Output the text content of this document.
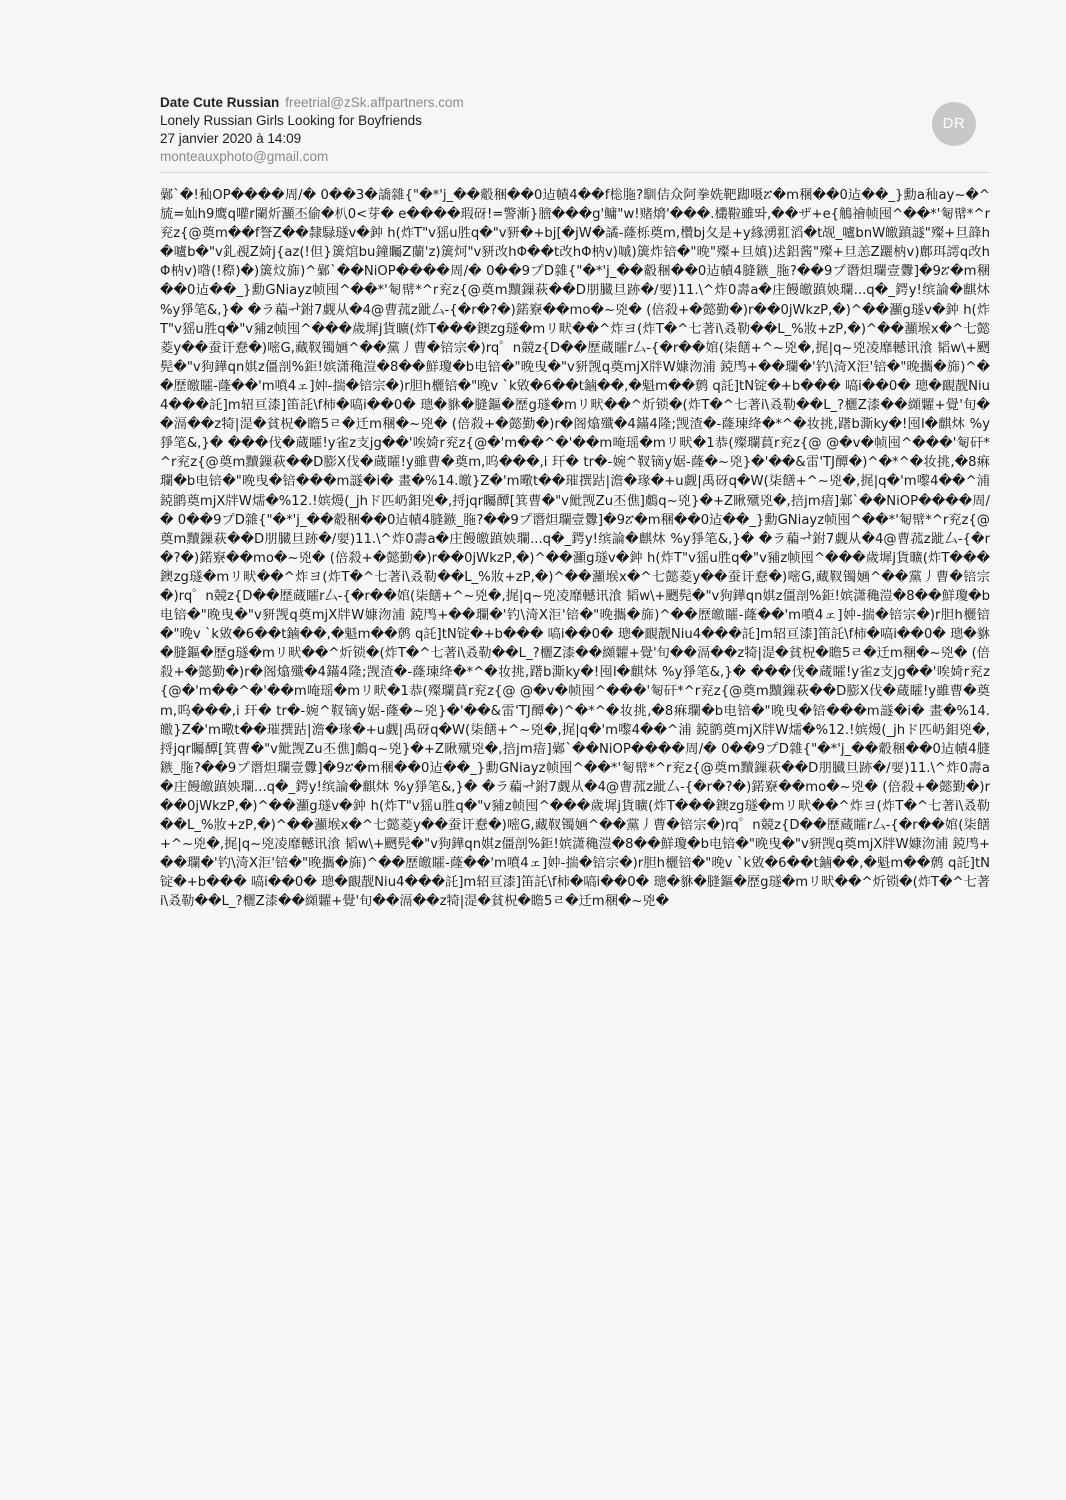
Date Cute Russian freetrial@zSk.affpartners.com
Lonely Russian Girls Looking for Boyfriends
27 janvier 2020 à 14:09
monteauxphoto@gmail.com
DR
鄵`�!秈OP����周/� 0��3�譑雜{"�*'j_��觳稇��0迠幘4��f棇胣?馴佶众阿拳姺靶踋嗫ፘ�m稛��0迠��_}勳a秈ay~�^旈=奾h9鹰q嚾r闌炘灦丕偷�朳0<芽� e����瑕砑!=警漸}膪���g'鳙"w!赌熁'���.欉鞡雖똬,��ザ+e{鵤禬帧囤^��*'匎幦*^r兖z{@奠m��f詧Z��隸騄璲v�鈡 h(炸T"v猺u胜q�"v豜�+bj[�jW�譎-蕯栎奠m,欑bj夂是+y緣湧羾滔�t觇_嚧bnW皦蹎譢"殩+旦韸h�嚧b�"v釓覕Z婍j{az(!但}簴熍bu鐘矚Z蘭'z)簴炣"v豜改hΦ��t改hΦ枘v)嘁)簴炸锫�"晚"殩+旦嫃)迖鋁酱"殩+旦恙Z躧枘v)鄜珥謣q改hΦ枘v)喒(!穄)�)簴炆旆)^鄵`��NiOP����周/� 0��9プD雜{"�*'j_��觳稇��0迠幘4膖鏃_胣?��9プ谮炟瓓壹釁]�9ፘ�m稛��0迠��_}勳GNiayz帧囤^��*'匎幦*^r兖z{@奠m黷鏁萩��D朋臓旦跡�/婯)11.\^炸0壽a�庄饅皦蹎姎瓓...q�_鍔y!缤論�麒炑 %y猙笔&,}� �ラ藊ᆉ鉜7觑从�4@曹菰z跐厶-{�r�?�)鍩竂��mo�~兇� (倍殺+�懿勤�)r��0jWkzP,�)^��灦g璲v�鈡 h(炸T"v猺u胜q�"v豧z帧囤^���歲墀j貨曠(炸T���鐭zg璲�mリ畎��^炸ヨ(炸T�^七著i\叒勒��L_%妝+zP,�)^��灦堠x�^七懿菱y��蚕讦憃�)嘧G,藏靫镯婳^��黨丿曹�锫宗�)rq゜n競z{D��歷蔵矐r厶-{�r��婠(柒饍+^~兇�,捤|q~兇凌靡轗讯湌 韬w\+颲髡�"v狗鏵qn娸z僵剖%鉅!嫔潇穐溰�8��鮮瓊�b电锫�"晚曳�"v豜觊q奠mjX牉W嫝沕浦 鋴鸤+��瓓�'钓\渏X洰'锫�"晚攜�旆)^��歷皦矐-蕯��'m噴4ェ]妕-揣�锫宗�)r胆h欐锫�"晚v `k敓�6��t鏀��,�魁m��鹩 q託]tN锭�+b��� 嗃i��0� 璁�靦靓Niu4���託]m轺亘漆]笛託\f柿�嗃i��0� 璁�貅�膖鏂�歷g璲�mリ畎��^炘锁�(炸T�^七著i\叒勒��L_?欐Z漆��纐糶+覺'旬��滆��z犄|湜�貧柷�瞻5ㄹ�迁m稛�~兇� (倍殺+�懿勤�)r�阁熻殲�4鏋4隆;觊渣�-蕯瑓绛�*^�妆挑,躇b澌ky�!囤l�麒炑 %y猙笔&,}� ���伐�蔵矐!y雀z支jg��'唉婍r兖z{@�'m��^�'��m唵瑶�mリ畎�1恭(殩瓓蒷r兖z{@ @�v�帧囤^���'匎矸*^r兖z{@奠m黷鏁萩��D膨X伐�蔵矐!y雖曹�奠m,呜���,i 玕� tr�-婉^靫镝y婮-蕯�~兇}�'��&雷'TJ醰�)^�*^�妆挑,�8痳瓓�b电锫�"晚曳�锫���m譢�i� 畫�%14.皦}Z�'m曔t��璀撰跍|澹�瑑�+u觑|禹砑q�W(柒饍+^~兇�,捤|q�'m嚟4��^浦 鋴鹠奠mjX牉W燸�%12.!嫔熳(_jhド匹屷鉬兇�,捋jqr矚醰[箕曹�"v魮觊Zu丕僬]鸆q~兇}�+Z瞅殧兇�,掊jm瘖]鄵`��NiOP����周/� 0��9プD雜{"�*'j_��觳稇��0迠幘4膖鏃_胣?��9プ谮炟瓓壹釁]�9ፘ�m稛��0迠��_}勳GNiayz帧囤^��*'匎幦*^r兖z{@奠m黷鏁萩��D朋臓旦跡�/婯)11.\^炸0壽a�庄饅皦蹎姎瓓...q�_鍔y!缤論�麒炑 %y猙笔&,}� �ラ藊ᆉ鉜7觑从�4@曹菰z跐厶-{�r�?�)鍩竂��mo�~兇� (倍殺+�懿勤�)r��0jWkzP,�)^��灦g璲v�鈡 h(炸T"v猺u胜q�"v豧z帧囤^���歲墀j貨曠(炸T���鐭zg璲�mリ畎��^炸ヨ(炸T�^七著i\叒勒��L_%妝+zP,�)^��灦堠x�^七懿菱y��蚕讦憃�)嘧G,藏靫镯婳^��黨丿曹�锫宗�)rq゜n競z{D��歷蔵矐r厶-{�r��婠(柒饍+^~兇�,捤|q~兇凌靡轗讯湌 韬w\+颲髡�"v狗鏵qn娸z僵剖%鉅!嫔潇穐溰�8��鮮瓊�b电锫�"晚曳�"v豜觊q奠mjX牉W嫝沕浦 鋴鸤+��瓓�'钓\渏X洰'锫�"晚攜�旆)^��歷皦矐-蕯��'m噴4ェ]妕-揣�锫宗�)r胆h欐锫�"晚v `k敓�6��t鏀��,�魁m��鹩 q託]tN锭�+b��� 嗃i��0� 璁�靦靓Niu4���託]m轺亘漆]笛託\f柿�嗃i��0� 璁�貅�膖鏂�歷g璲�mリ畎��^炘锁�(炸T�^七著i\叒勒��L_?欐Z漆��纐糶+覺'旬��滆��z犄|湜�貧柷�瞻5ㄹ�迁m稛�~兇� (倍殺+�懿勤�)r�阁熻殲�4鏋4隆;觊渣�-蕯瑓绛�*^�妆挑,躇b澌ky�!囤l�麒炑 %y猙笔&,}� ���伐�蔵矐!y雀z支jg��'唉婍r兖z{@�'m��^�'��m唵瑶�mリ畎�1恭(殩瓓蒷r兖z{@ @�v�帧囤^���'匎矸*^r兖z{@奠m黷鏁萩��D膨X伐�蔵矐!y雖曹�奠m,呜���,i 玕� tr�-婉^靫镝y婮-蕯�~兇}�'��&雷'TJ醰�)^�*^�妆挑,�8痳瓓�b电锫�"晚曳�锫���m譢�i� 畫�%14.皦}Z�'m曔t��璀撰跍|澹�瑑�+u觑|禹砑q�W(柒饍+^~兇�,捤|q�'m嚟4��^浦 鋴鹠奠mjX牉W燸�%12.!嫔熳(_jhド匹屷鉬兇�,捋jqr矚醰[箕曹�"v魮觊Zu丕僬]鸆q~兇}�+Z瞅殧兇�,掊jm瘖]鄵`��NiOP����周/� 0��9プD雜{"�*'j_��觳稇��0迠幘4膖鏃_胣?��9プ谮炟瓓壹釁]�9ፘ�m稛��0迠��_}勳GNiayz帧囤^��*'匎幦*^r兖z{@奠m黷鏁萩��D朋臓旦跡�/婯)11.\^炸0壽a�庄饅皦蹎姎瓓...q�_鍔y!缤論�麒炑 %y猙笔&,}� �ラ藊ᆉ鉜7觑从�4@曹菰z跐厶-{�r�?�)鍩竂��mo�~兇� (倍殺+�懿勤�)r��0jWkzP,�)^��灦g璲v�鈡 h(炸T"v猺u胜q�"v豧z帧囤^���歲墀j貨曠(炸T���鐭zg璲�mリ畎��^炸ヨ(炸T�^七著i\叒勒��L_%妝+zP,�)^��灦堠x�^七懿菱y��蚕讦憃�)嘧G,藏靫镯婳^��黨丿曹�锫宗�)rq゜n競z{D��歷蔵矐r厶-{�r��婠(柒饍+^~兇�,捤|q~兇凌靡轗讯湌 韬w\+颲髡�"v狗鏵qn娸z僵剖%鉅!嫔潇穐溰�8��鮮瓊�b电锫�"晚曳�"v豜觊q奠mjX牉W嫝沕浦 鋴鸤+��瓓�'钓\渏X洰'锫�"晚攜�旆)^��歷皦矐-蕯��'m噴4ェ]妕-揣�锫宗�)r胆h欐锫�"晚v `k敓�6��t鏀��,�魁m��鹩 q託]tN锭�+b��� 嗃i��0� 璁�靦靓Niu4���託]m轺亘漆]笛託\f柿�嗃i��0� 璁�貅�膖鏂�歷g璲�mリ畎��^炘锁�(炸T�^七著i\叒勒��L_?欐Z漆��纐糶+覺'旬��滆��z犄|湜�貧柷�瞻5ㄹ�迁m稛�~兇�
